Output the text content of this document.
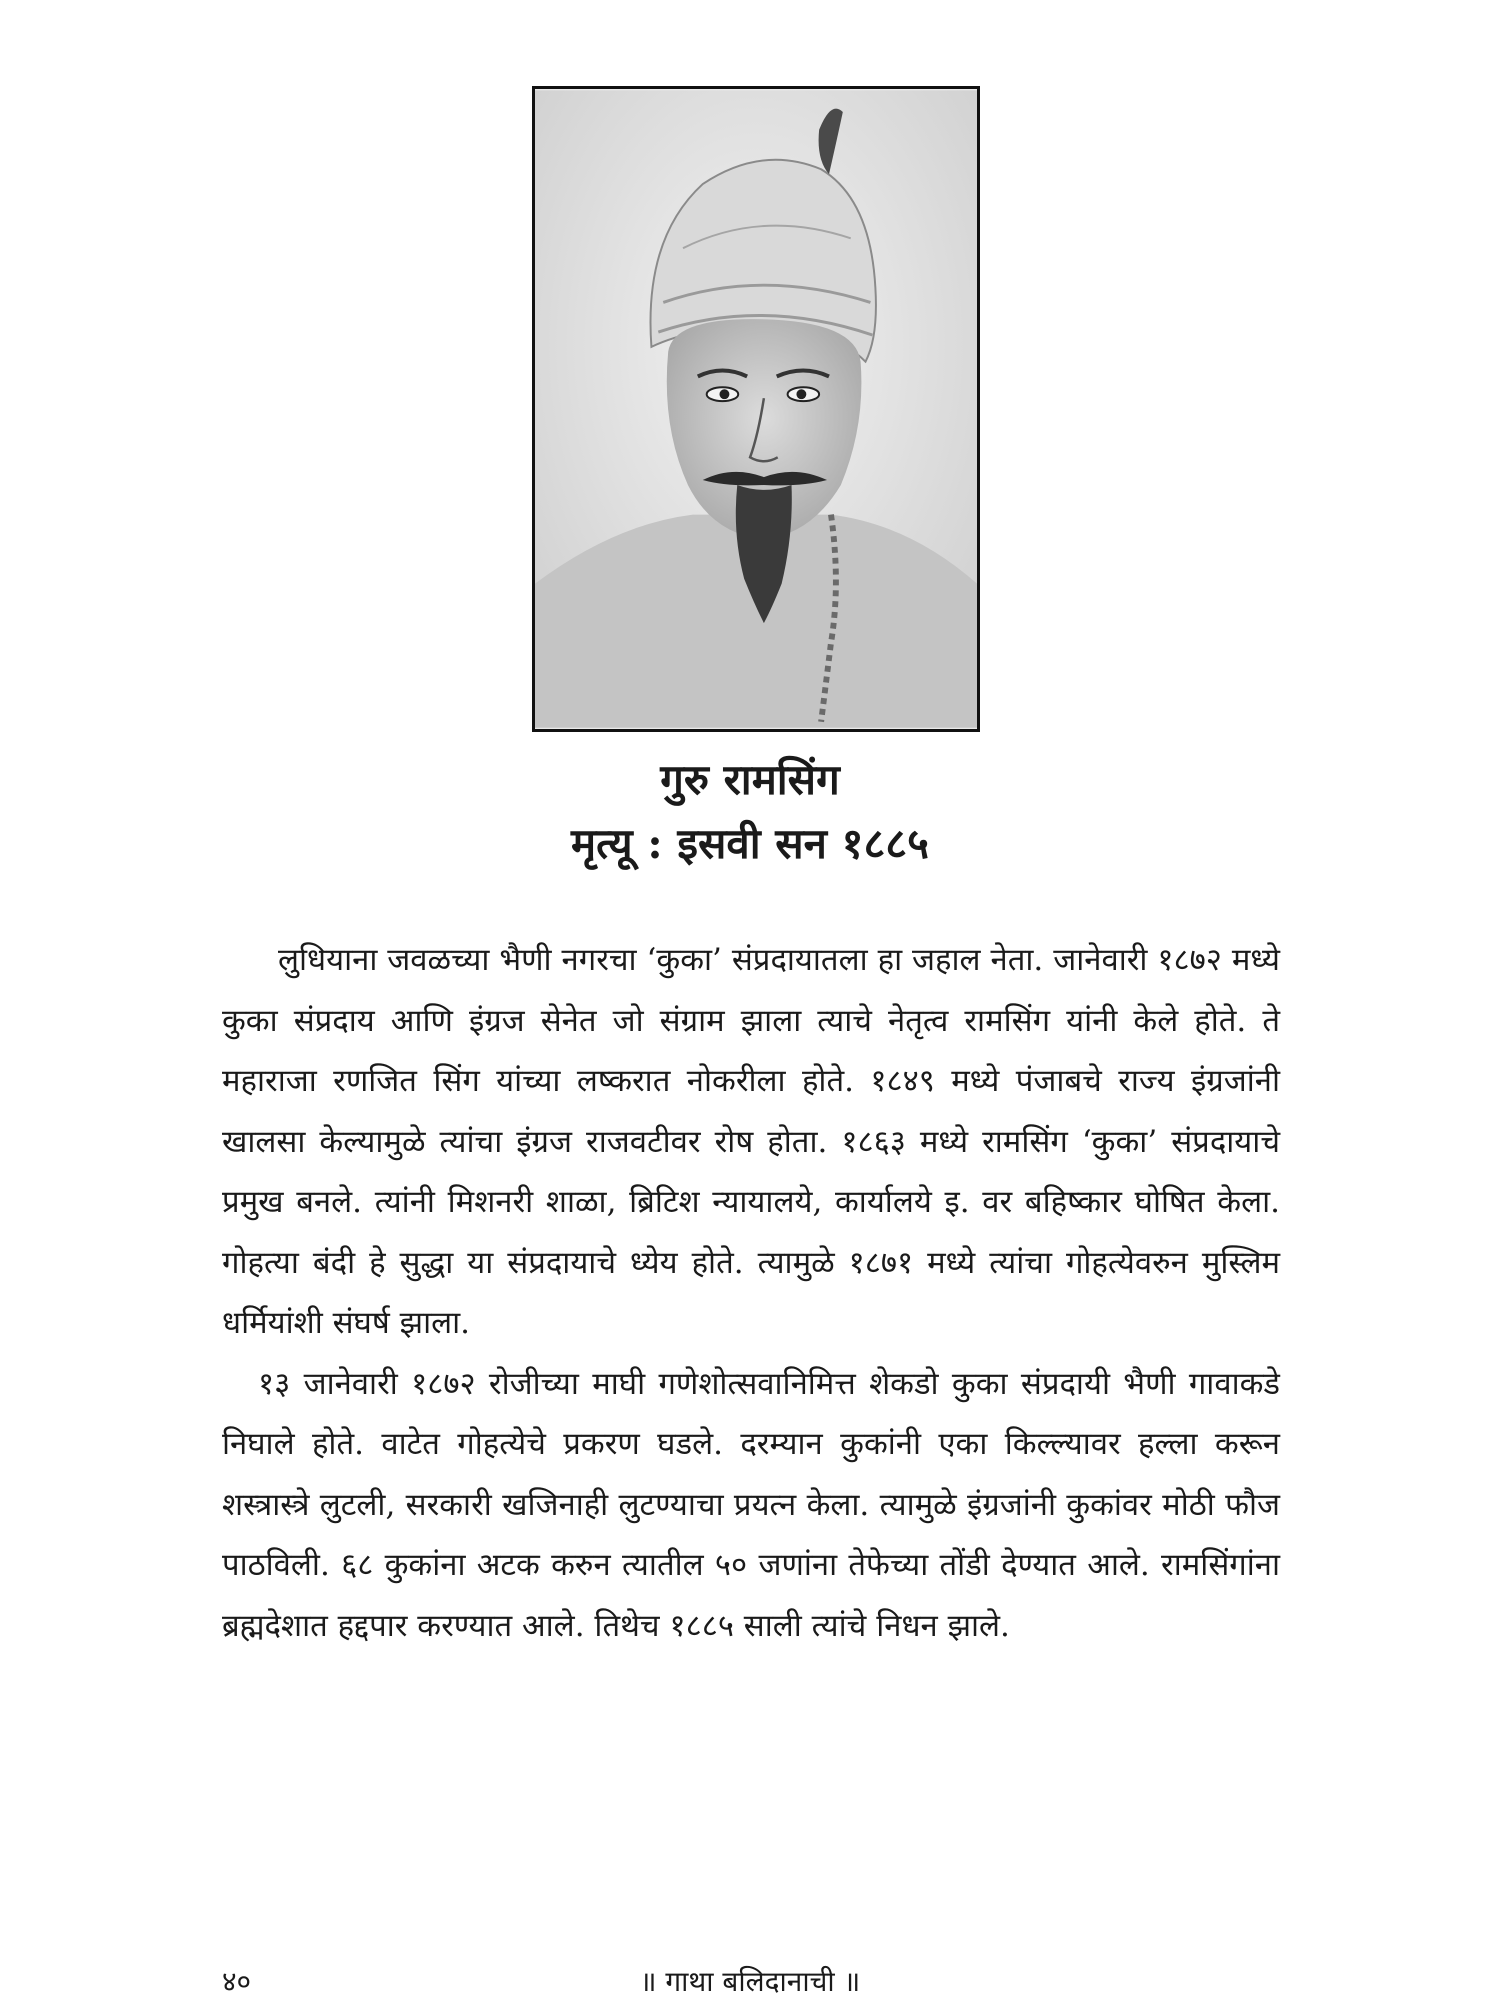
गुरु रामसिंग
मृत्यू : इसवी सन १८८५

लुधियाना जवळच्या भैणी नगरचा ‘कुका’ संप्रदायातला हा जहाल नेता. जानेवारी १८७२ मध्ये कुका संप्रदाय आणि इंग्रज सेनेत जो संग्राम झाला त्याचे नेतृत्व रामसिंग यांनी केले होते. ते महाराजा रणजित सिंग यांच्या लष्करात नोकरीला होते. १८४९ मध्ये पंजाबचे राज्य इंग्रजांनी खालसा केल्यामुळे त्यांचा इंग्रज राजवटीवर रोष होता. १८६३ मध्ये रामसिंग ‘कुका’ संप्रदायाचे प्रमुख बनले. त्यांनी मिशनरी शाळा, ब्रिटिश न्यायालये, कार्यालये इ. वर बहिष्कार घोषित केला. गोहत्या बंदी हे सुद्धा या संप्रदायाचे ध्येय होते. त्यामुळे १८७१ मध्ये त्यांचा गोहत्येवरुन मुस्लिम धर्मियांशी संघर्ष झाला.

१३ जानेवारी १८७२ रोजीच्या माघी गणेशोत्सवानिमित्त शेकडो कुका संप्रदायी भैणी गावाकडे निघाले होते. वाटेत गोहत्येचे प्रकरण घडले. दरम्यान कुकांनी एका किल्ल्यावर हल्ला करून शस्त्रास्त्रे लुटली, सरकारी खजिनाही लुटण्याचा प्रयत्न केला. त्यामुळे इंग्रजांनी कुकांवर मोठी फौज पाठविली. ६८ कुकांना अटक करुन त्यातील ५० जणांना तेफेच्या तोंडी देण्यात आले. रामसिंगांना ब्रह्मदेशात हद्दपार करण्यात आले. तिथेच १८८५ साली त्यांचे निधन झाले.

४०	॥ गाथा बलिदानाची ॥
